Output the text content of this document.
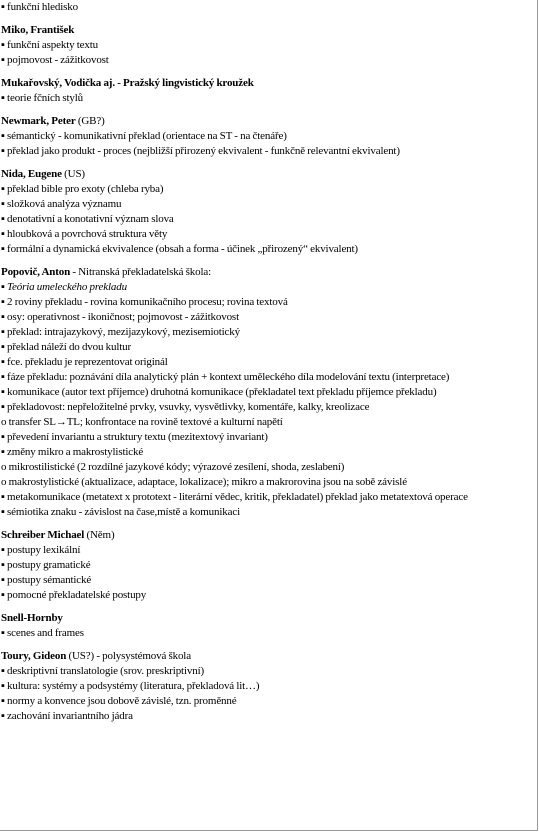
▪ funkční hledisko
Miko, František
▪ funkční aspekty textu
▪ pojmovost - zážitkovost
Mukařovský, Vodička aj. - Pražský lingvistický kroužek
▪ teorie fčních stylů
Newmark, Peter (GB?)
▪ sémantický - komunikativní překlad (orientace na ST - na čtenáře)
▪ překlad jako produkt - proces (nejbližší přirozený ekvivalent - funkčně relevantní ekvivalent)
Nida, Eugene (US)
▪ překlad bible pro exoty (chleba ryba)
▪ složková analýza významu
▪ denotativní a konotativní význam slova
▪ hloubková a povrchová struktura věty
▪ formální a dynamická ekvivalence (obsah a forma - účinek „přirozený“ ekvivalent)
Popovič, Anton - Nitranská překladatelská škola:
▪ Teória umeleckého prekladu
▪ 2 roviny překladu - rovina komunikačního procesu; rovina textová
▪ osy: operativnost - ikoničnost; pojmovost - zážitkovost
▪ překlad: intrajazykový, mezijazykový, mezisemiotický
▪ překlad náleží do dvou kultur
▪ fce. překladu je reprezentovat originál
▪ fáze překladu: poznávání díla analytický plán + kontext uměleckého díla modelování textu (interpretace)
▪ komunikace (autor text příjemce) druhotná komunikace (překladatel text překladu příjemce překladu)
▪ překladovost: nepřeložitelné prvky, vsuvky, vysvětlivky, komentáře, kalky, kreolizace
o transfer SL→TL; konfrontace na rovině textové a kulturní napětí
▪ převedení invariantu a struktury textu (mezitextový invariant)
▪ změny mikro a makrostylistické
o mikrostilistické (2 rozdílné jazykové kódy; výrazové zesílení, shoda, zeslabení)
o makrostylistické (aktualizace, adaptace, lokalizace); mikro a makrorovina jsou na sobě závislé
▪ metakomunikace (metatext x prototext - literární vědec, kritik, překladatel) překlad jako metatextová operace
▪ sémiotika znaku - závislost na čase,místě a komunikaci
Schreiber Michael (Něm)
▪ postupy lexikální
▪ postupy gramatické
▪ postupy sémantické
▪ pomocné překladatelské postupy
Snell-Hornby
▪ scenes and frames
Toury, Gideon (US?) - polysystémová škola
▪ deskriptivní translatologie (srov. preskriptivní)
▪ kultura: systémy a podsystémy (literatura, překladová lit…)
▪ normy a konvence jsou dobově závislé, tzn. proměnné
▪ zachování invariantního jádra
